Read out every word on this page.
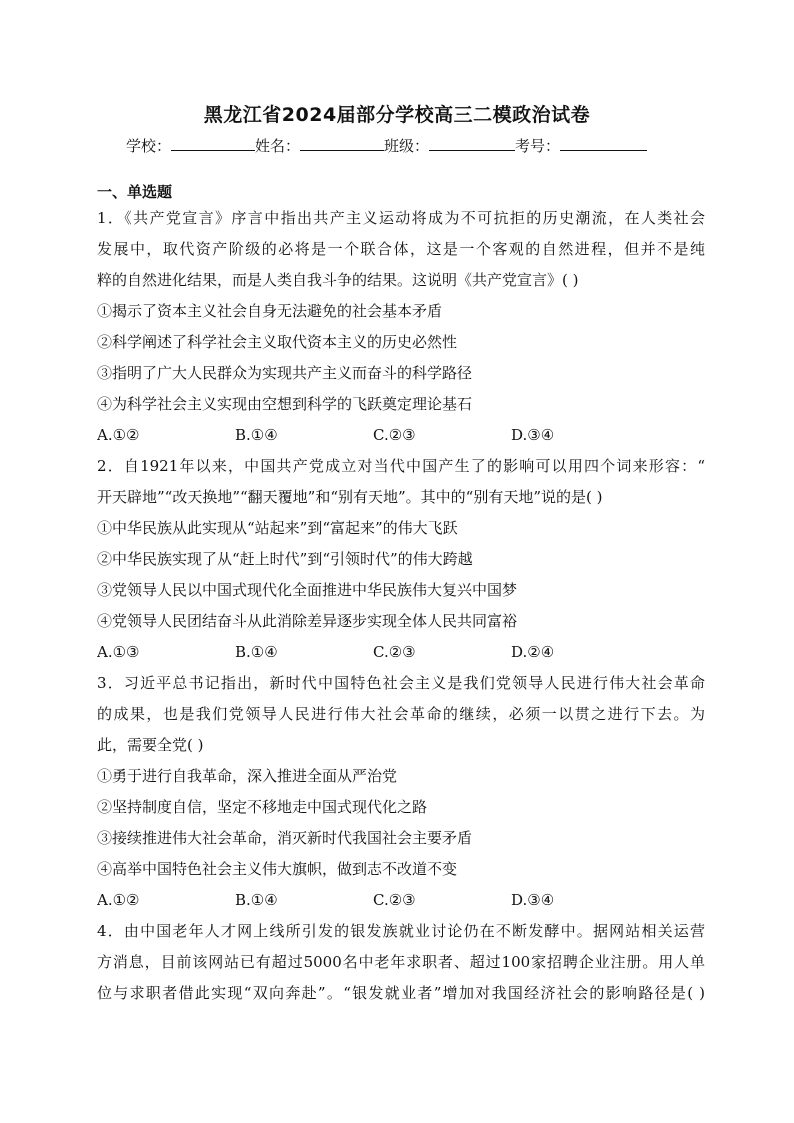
黑龙江省2024届部分学校高三二模政治试卷
学校：	姓名：	班级：	考号：
一、单选题
1．《共产党宣言》序言中指出共产主义运动将成为不可抗拒的历史潮流，在人类社会
发展中，取代资产阶级的必将是一个联合体，这是一个客观的自然进程，但并不是纯
粹的自然进化结果，而是人类自我斗争的结果。这说明《共产党宣言》( )
①揭示了资本主义社会自身无法避免的社会基本矛盾
②科学阐述了科学社会主义取代资本主义的历史必然性
③指明了广大人民群众为实现共产主义而奋斗的科学路径
④为科学社会主义实现由空想到科学的飞跃奠定理论基石
A.①②	B.①④	C.②③	D.③④
2．自1921年以来，中国共产党成立对当代中国产生了的影响可以用四个词来形容：“
开天辟地”“改天换地”“翻天覆地”和“别有天地”。其中的“别有天地”说的是( )
①中华民族从此实现从“站起来”到“富起来”的伟大飞跃
②中华民族实现了从“赶上时代”到“引领时代”的伟大跨越
③党领导人民以中国式现代化全面推进中华民族伟大复兴中国梦
④党领导人民团结奋斗从此消除差异逐步实现全体人民共同富裕
A.①③	B.①④	C.②③	D.②④
3．习近平总书记指出，新时代中国特色社会主义是我们党领导人民进行伟大社会革命
的成果，也是我们党领导人民进行伟大社会革命的继续，必须一以贯之进行下去。为
此，需要全党( )
①勇于进行自我革命，深入推进全面从严治党
②坚持制度自信，坚定不移地走中国式现代化之路
③接续推进伟大社会革命，消灭新时代我国社会主要矛盾
④高举中国特色社会主义伟大旗帜，做到志不改道不变
A.①②	B.①④	C.②③	D.③④
4．由中国老年人才网上线所引发的银发族就业讨论仍在不断发酵中。据网站相关运营
方消息，目前该网站已有超过5000名中老年求职者、超过100家招聘企业注册。用人单
位与求职者借此实现“双向奔赴”。“银发就业者”增加对我国经济社会的影响路径是( )
